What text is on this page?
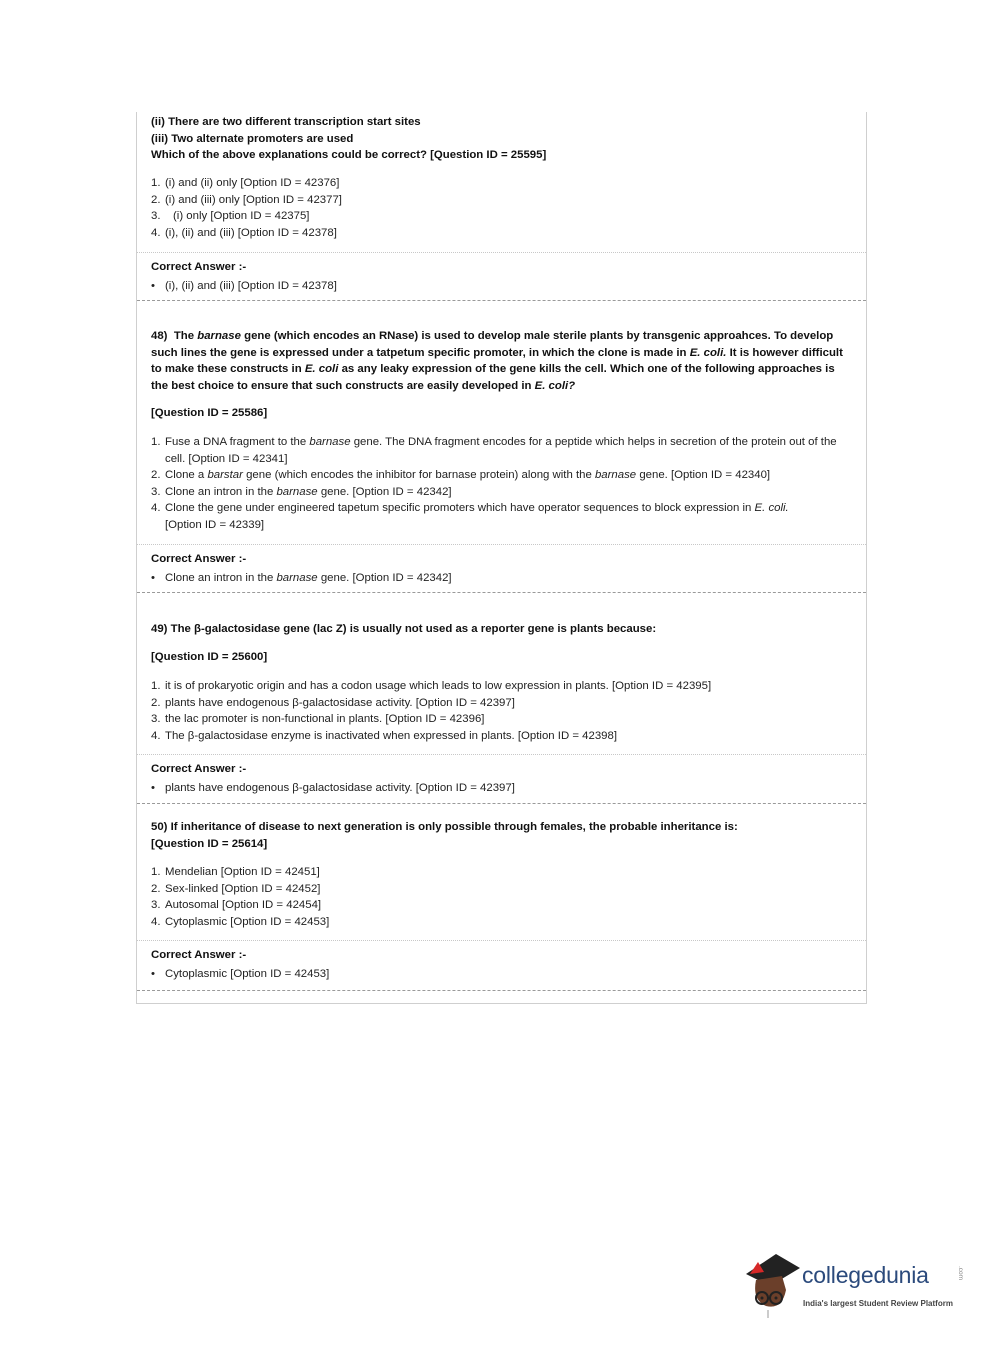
(ii) There are two different transcription start sites
(iii) Two alternate promoters are used
Which of the above explanations could be correct? [Question ID = 25595]
1. (i) and (ii) only [Option ID = 42376]
2. (i) and (iii) only [Option ID = 42377]
3.	(i) only [Option ID = 42375]
4. (i), (ii) and (iii) [Option ID = 42378]
Correct Answer :-
• (i), (ii) and (iii) [Option ID = 42378]
48) The barnase gene (which encodes an RNase) is used to develop male sterile plants by transgenic approahces. To develop such lines the gene is expressed under a tatpetum specific promoter, in which the clone is made in E. coli. It is however difficult to make these constructs in E. coli as any leaky expression of the gene kills the cell. Which one of the following approaches is the best choice to ensure that such constructs are easily developed in E. coli?
[Question ID = 25586]
1. Fuse a DNA fragment to the barnase gene. The DNA fragment encodes for a peptide which helps in secretion of the protein out of the cell. [Option ID = 42341]
2. Clone a barstar gene (which encodes the inhibitor for barnase protein) along with the barnase gene. [Option ID = 42340]
3. Clone an intron in the barnase gene. [Option ID = 42342]
4. Clone the gene under engineered tapetum specific promoters which have operator sequences to block expression in E. coli.
[Option ID = 42339]
Correct Answer :-
• Clone an intron in the barnase gene. [Option ID = 42342]
49) The β-galactosidase gene (lac Z) is usually not used as a reporter gene is plants because:
[Question ID = 25600]
1. it is of prokaryotic origin and has a codon usage which leads to low expression in plants. [Option ID = 42395]
2. plants have endogenous β-galactosidase activity. [Option ID = 42397]
3. the lac promoter is non-functional in plants. [Option ID = 42396]
4. The β-galactosidase enzyme is inactivated when expressed in plants. [Option ID = 42398]
Correct Answer :-
• plants have endogenous β-galactosidase activity. [Option ID = 42397]
50) If inheritance of disease to next generation is only possible through females, the probable inheritance is:
[Question ID = 25614]
1. Mendelian [Option ID = 42451]
2. Sex-linked [Option ID = 42452]
3. Autosomal [Option ID = 42454]
4. Cytoplasmic [Option ID = 42453]
Correct Answer :-
• Cytoplasmic [Option ID = 42453]
collegedunia	.com
India's largest Student Review Platform
